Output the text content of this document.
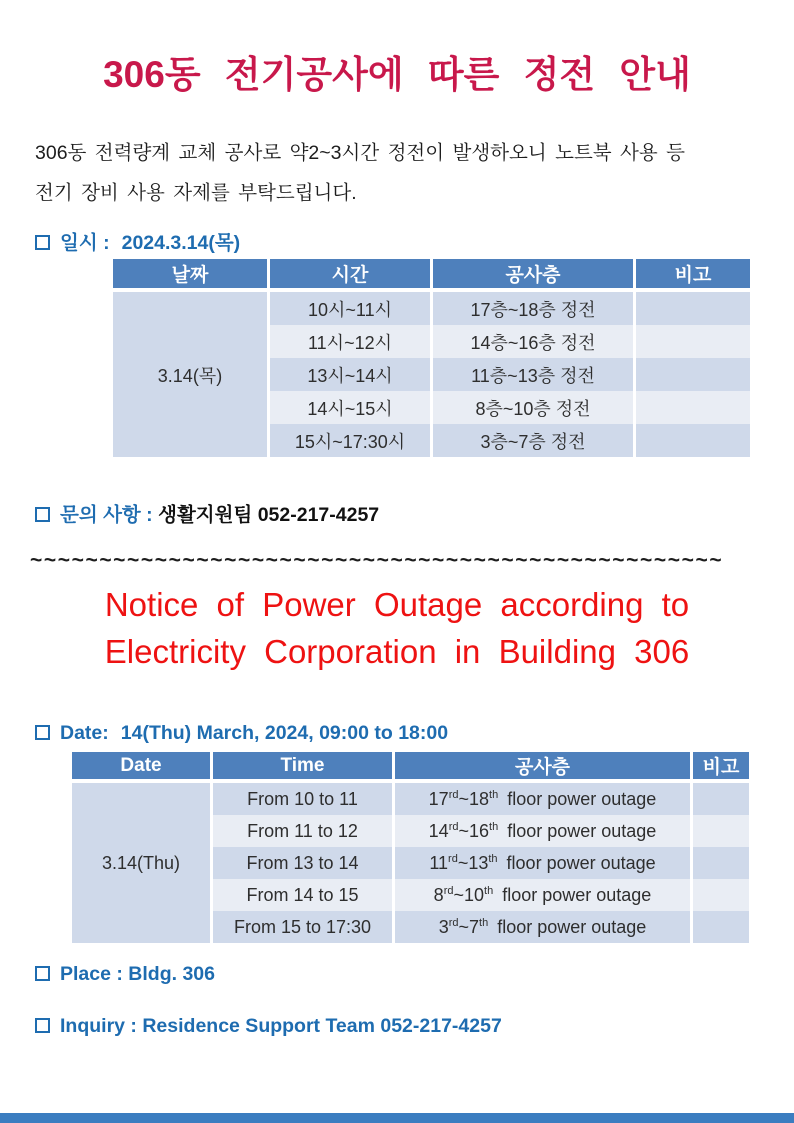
306동 전기공사에 따른 정전 안내
306동 전력량계 교체 공사로 약2~3시간 정전이 발생하오니 노트북 사용 등
전기 장비 사용 자제를 부탁드립니다.
일시 : 2024.3.14(목)
날짜	시간	공사층	비고
3.14(목)	10시~11시	17층~18층 정전	
	11시~12시	14층~16층 정전	
	13시~14시	11층~13층 정전	
	14시~15시	8층~10층 정전	
	15시~17:30시	3층~7층 정전	
문의 사항 : 생활지원팀 052-217-4257
~~~~~~~~~~~~~~~~~~~~~~~~~~~~~~~~~~~~~~~~~~~~~~~~~~
Notice of Power Outage according to
Electricity Corporation in Building 306
Date: 14(Thu) March, 2024, 09:00 to 18:00
Date	Time	공사층	비고
3.14(Thu)	From 10 to 11	17rd~18th floor power outage	
	From 11 to 12	14rd~16th floor power outage	
	From 13 to 14	11rd~13th floor power outage	
	From 14 to 15	8rd~10th floor power outage	
	From 15 to 17:30	3rd~7th floor power outage	
Place : Bldg. 306
Inquiry : Residence Support Team 052-217-4257
